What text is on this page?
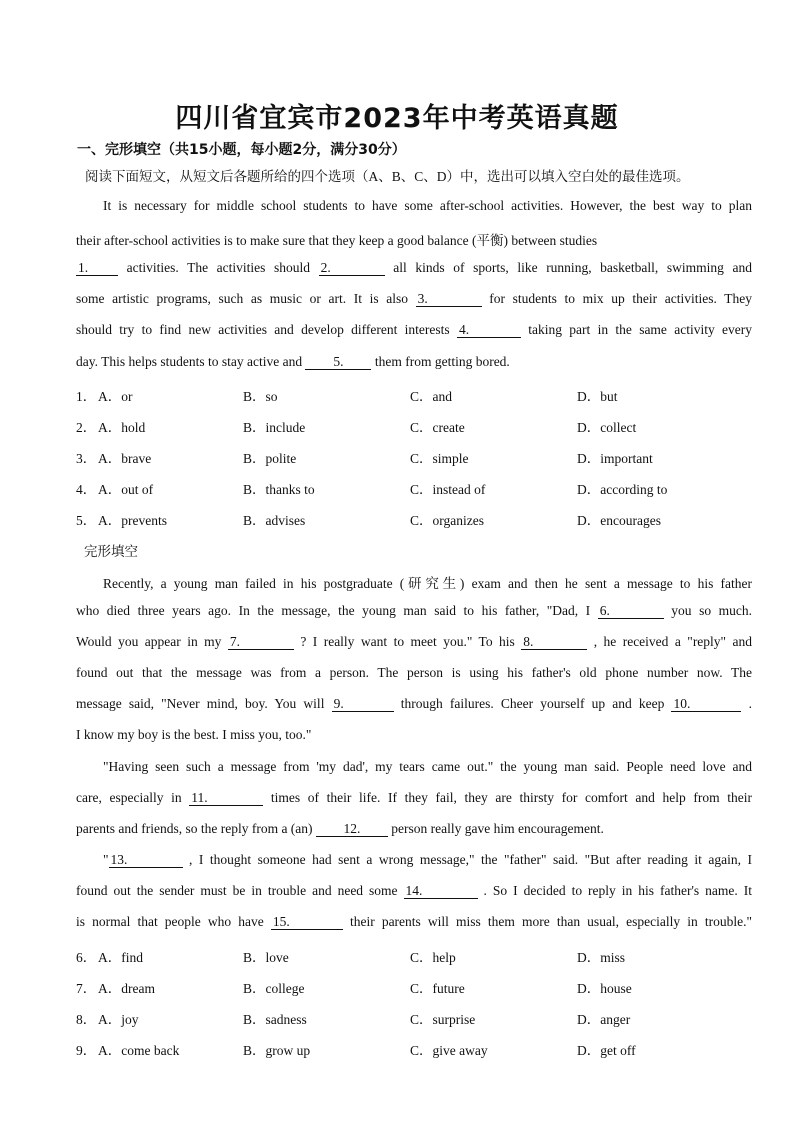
四川省宜宾市2023年中考英语真题
一、完形填空（共15小题，每小题2分，满分30分）
阅读下面短文，从短文后各题所给的四个选项（A、B、C、D）中，选出可以填入空白处的最佳选项。
It is necessary for middle school students to have some after-school activities. However, the best way to plan
their after-school activities is to make sure that they keep a good balance (平衡) between studies
1. activities. The activities should 2.	all kinds of sports, like running, basketball, swimming and
some artistic programs, such as music or art. It is also 3.	for students to mix up their activities. They
should try to find new activities and develop different interests 4.	taking part in the same activity every
day. This helps students to stay active and 5. them from getting bored.
1． A．or	B．so	C．and	D．but
2． A．hold	B．include	C．create	D．collect
3． A．brave	B．polite	C．simple	D．important
4． A．out of	B．thanks to	C．instead of	D．according to
5． A．prevents	B．advises	C．organizes	D．encourages
完形填空
Recently, a young man failed in his postgraduate (研究生) exam and then he sent a message to his father
who died three years ago. In the message, the young man said to his father, "Dad, I 6.	you so much.
Would you appear in my 7.	? I really want to meet you." To his 8.	, he received a "reply" and
found out that the message was from a person. The person is using his father's old phone number now. The
message said, "Never mind, boy. You will 9.	through failures. Cheer yourself up and keep 10.	.
I know my boy is the best. I miss you, too."
"Having seen such a message from 'my dad', my tears came out." the young man said. People need love and
care, especially in 11.	times of their life. If they fail, they are thirsty for comfort and help from their
parents and friends, so the reply from a (an) 12. person really gave him encouragement.
" 13.	, I thought someone had sent a wrong message," the "father" said. "But after reading it again, I
found out the sender must be in trouble and need some 14.	. So I decided to reply in his father's name. It
is normal that people who have 15.	their parents will miss them more than usual, especially in trouble."
6． A．find	B．love	C．help	D．miss
7． A．dream	B．college	C．future	D．house
8． A．joy	B．sadness	C．surprise	D．anger
9． A．come back	B．grow up	C．give away	D．get off
